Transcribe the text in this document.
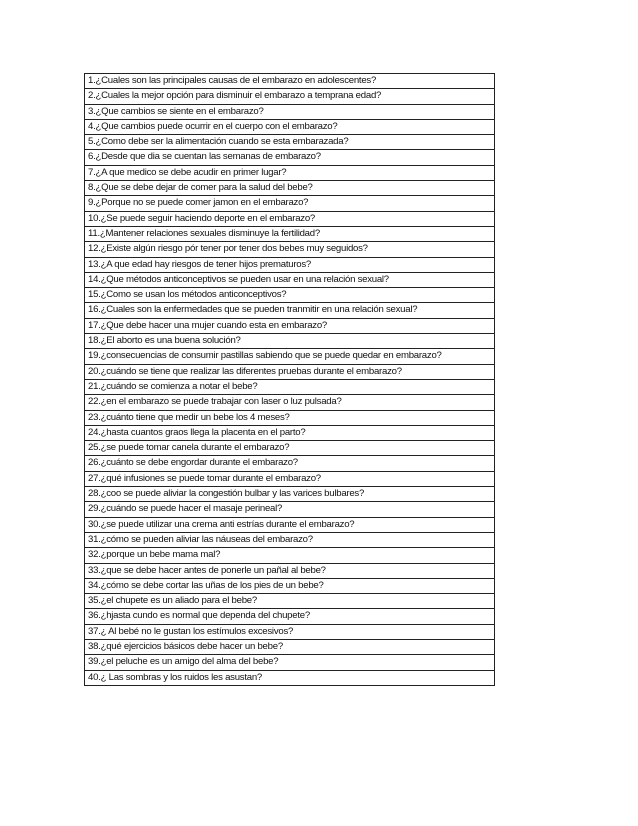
1.¿Cuales son las principales causas de el embarazo en adolescentes?
2.¿Cuales la mejor opción para disminuir el embarazo a temprana edad?
3.¿Que cambios se siente en el embarazo?
4.¿Que cambios puede ocurrir en el cuerpo con el embarazo?
5.¿Como debe ser la alimentación cuando se esta embarazada?
6.¿Desde que dia se cuentan las semanas de embarazo?
7.¿A que medico se debe acudir en primer lugar?
8.¿Que se debe dejar de comer para la salud del bebe?
9.¿Porque no se puede comer jamon en el embarazo?
10.¿Se puede seguir haciendo deporte en el embarazo?
11.¿Mantener relaciones sexuales disminuye la fertilidad?
12.¿Existe algún riesgo pór tener por tener dos bebes muy seguidos?
13.¿A que edad hay riesgos de tener hijos prematuros?
14.¿Que métodos anticonceptivos se pueden usar en una relación sexual?
15.¿Como se usan los métodos anticonceptivos?
16.¿Cuales son la enfermedades que se pueden tranmitir en una relación sexual?
17.¿Que debe hacer una mujer cuando esta en embarazo?
18.¿El aborto es una buena solución?
19.¿consecuencias de consumir pastillas sabiendo que se puede quedar en embarazo?
20.¿cuándo se tiene que realizar las diferentes pruebas durante el embarazo?
21.¿cuándo se comienza a notar el bebe?
22.¿en el embarazo se puede trabajar con laser o luz pulsada?
23.¿cuánto tiene que medir un bebe los 4 meses?
24.¿hasta cuantos graos llega la placenta en el parto?
25.¿se puede tomar canela durante el embarazo?
26.¿cuánto se debe engordar durante el embarazo?
27.¿qué infusiones se puede tomar durante el embarazo?
28.¿coo se puede aliviar la congestión bulbar y las varices bulbares?
29.¿cuándo se puede hacer el masaje perineal?
30.¿se puede utilizar una crema anti estrías durante el embarazo?
31.¿cómo se pueden aliviar las náuseas del embarazo?
32.¿porque un bebe mama mal?
33.¿que se debe hacer antes de ponerle un pañal al bebe?
34.¿cómo se debe cortar las uñas de los pies de un bebe?
35.¿el chupete es un aliado para el bebe?
36.¿hjasta cundo es normal que dependa del chupete?
37.¿ Al bebé no le gustan los estímulos excesivos?
38.¿qué ejercicios básicos debe hacer un bebe?
39.¿el peluche es un amigo del alma del bebe?
40.¿ Las sombras y los ruidos les asustan?
